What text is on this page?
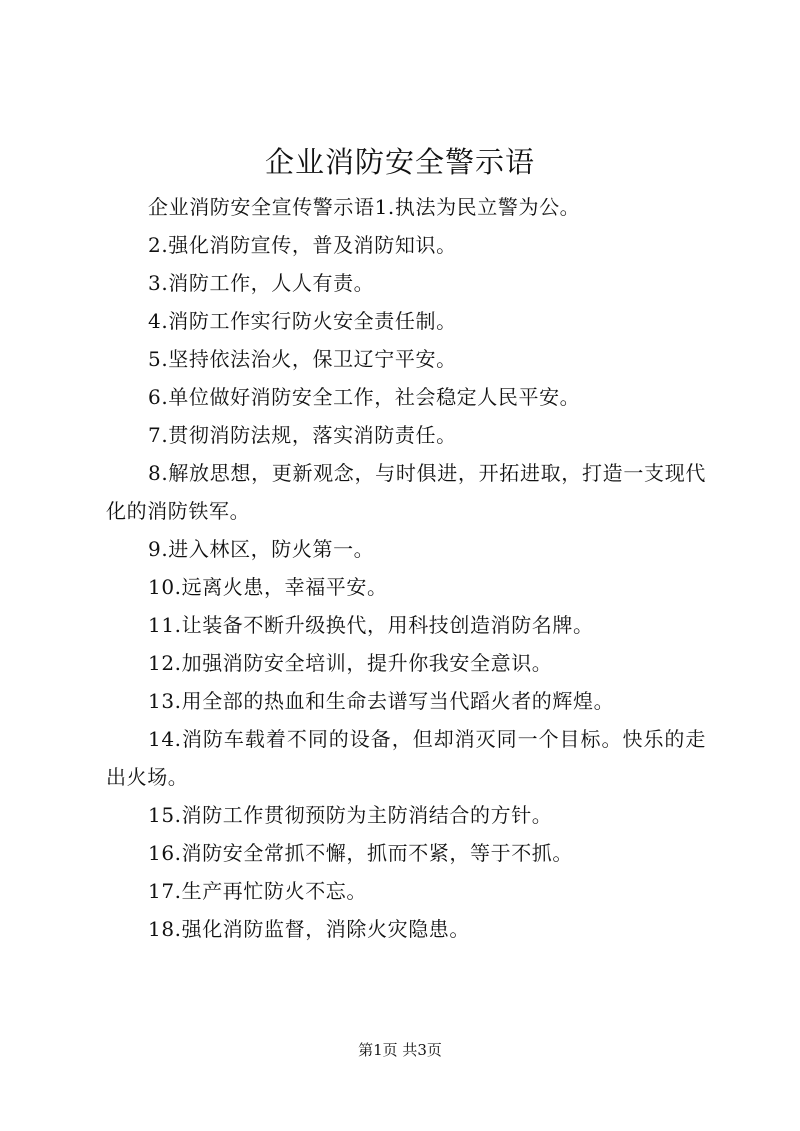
企业消防安全警示语

企业消防安全宣传警示语1.执法为民立警为公。

2.强化消防宣传，普及消防知识。

3.消防工作，人人有责。

4.消防工作实行防火安全责任制。

5.坚持依法治火，保卫辽宁平安。

6.单位做好消防安全工作，社会稳定人民平安。

7.贯彻消防法规，落实消防责任。

8.解放思想，更新观念，与时俱进，开拓进取，打造一支现代化的消防铁军。

9.进入林区，防火第一。

10.远离火患，幸福平安。

11.让装备不断升级换代，用科技创造消防名牌。

12.加强消防安全培训，提升你我安全意识。

13.用全部的热血和生命去谱写当代蹈火者的辉煌。

14.消防车载着不同的设备，但却消灭同一个目标。快乐的走出火场。

15.消防工作贯彻预防为主防消结合的方针。

16.消防安全常抓不懈，抓而不紧，等于不抓。

17.生产再忙防火不忘。

18.强化消防监督，消除火灾隐患。

第1页 共3页
